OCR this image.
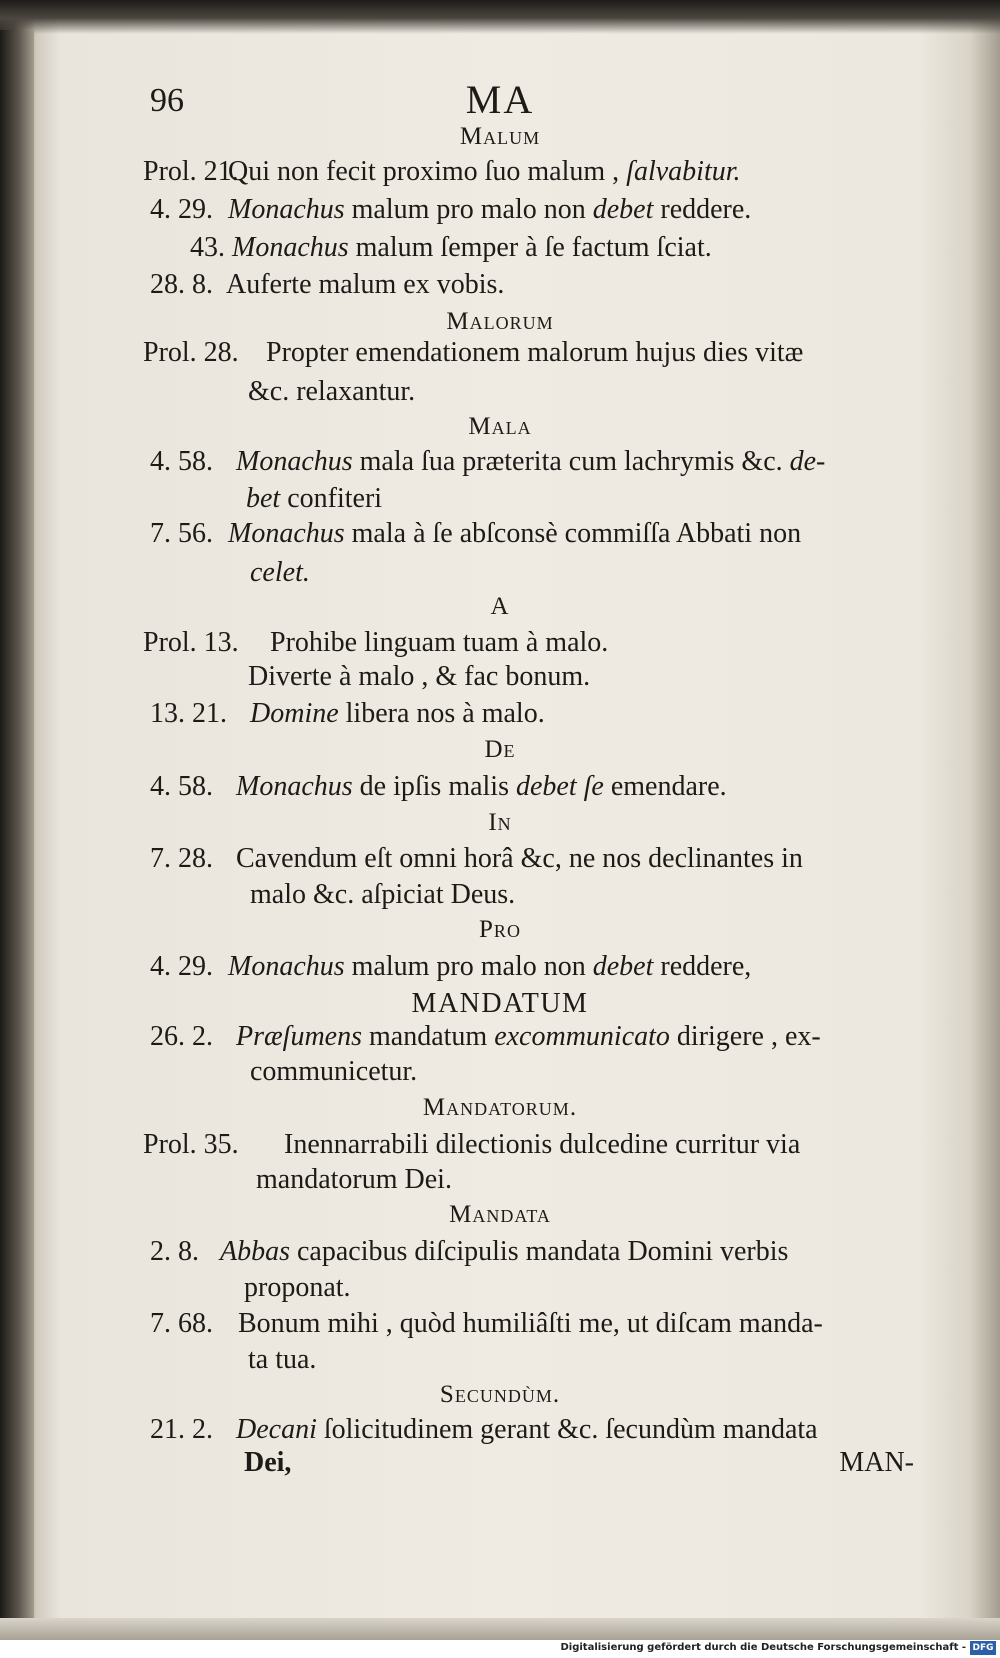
96	MA
Malum
Prol. 21.
Qui non fecit proximo ſuo malum , ſalvabitur.
4. 29. Monachus malum pro malo non debet reddere.
43. Monachus malum ſemper à ſe factum ſciat.
28. 8. Auferte malum ex vobis.
Malorum
Prol. 28. Propter emendationem malorum hujus dies vitæ
&c. relaxantur.
Mala
4. 58. Monachus mala ſua præterita cum lachrymis &c. de-
bet confiteri
7. 56. Monachus mala à ſe abſconsè commiſſa Abbati non
celet.
A
Prol. 13. Prohibe linguam tuam à malo.
Diverte à malo , & fac bonum.
13. 21. Domine libera nos à malo.
De
4. 58. Monachus de ipſis malis debet ſe emendare.
In
7. 28. Cavendum eſt omni horâ &c, ne nos declinantes in
malo &c. aſpiciat Deus.
Pro
4. 29. Monachus malum pro malo non debet reddere,
MANDATUM
26. 2. Præſumens mandatum excommunicato dirigere , ex-
communicetur.
Mandatorum.
Prol. 35. Inennarrabili dilectionis dulcedine curritur via
mandatorum Dei.
Mandata
2. 8. Abbas capacibus diſcipulis mandata Domini verbis
proponat.
7. 68. Bonum mihi , quòd humiliâſti me, ut diſcam manda-
ta tua.
Secundùm.
21. 2. Decani ſolicitudinem gerant &c. ſecundùm mandata
Dei,	MAN-
Digitalisierung gefördert durch die Deutsche Forschungsgemeinschaft - DFG
